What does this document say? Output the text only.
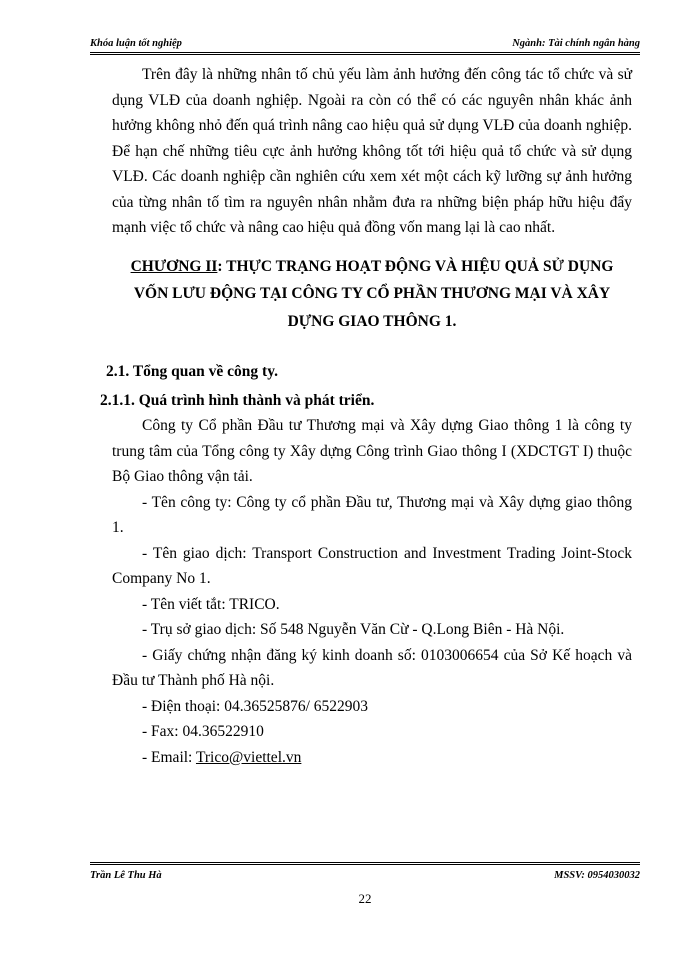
Khóa luận tốt nghiệp	Ngành: Tài chính ngân hàng

Trên đây là những nhân tố chủ yếu làm ảnh hưởng đến công tác tổ chức và sử dụng VLĐ của doanh nghiệp. Ngoài ra còn có thể có các nguyên nhân khác ảnh hưởng không nhỏ đến quá trình nâng cao hiệu quả sử dụng VLĐ của doanh nghiệp. Để hạn chế những tiêu cực ảnh hưởng không tốt tới hiệu quả tổ chức và sử dụng VLĐ. Các doanh nghiệp cần nghiên cứu xem xét một cách kỹ lưỡng sự ảnh hưởng của từng nhân tố tìm ra nguyên nhân nhằm đưa ra những biện pháp hữu hiệu đẩy mạnh việc tổ chức và nâng cao hiệu quả đồng vốn mang lại là cao nhất.

CHƯƠNG II: THỰC TRẠNG HOẠT ĐỘNG VÀ HIỆU QUẢ SỬ DỤNG VỐN LƯU ĐỘNG TẠI CÔNG TY CỔ PHẦN THƯƠNG MẠI VÀ XÂY DỰNG GIAO THÔNG 1.

2.1. Tổng quan về công ty.

2.1.1. Quá trình hình thành và phát triển.

Công ty Cổ phần Đầu tư Thương mại và Xây dựng Giao thông 1 là công ty trung tâm của Tổng công ty Xây dựng Công trình Giao thông I (XDCTGT I) thuộc Bộ Giao thông vận tải.

- Tên công ty: Công ty cổ phần Đầu tư, Thương mại và Xây dựng giao thông 1.

- Tên giao dịch: Transport Construction and Investment Trading Joint-Stock Company No 1.

- Tên viết tắt: TRICO.

- Trụ sở giao dịch: Số 548 Nguyễn Văn Cừ - Q.Long Biên - Hà Nội.

- Giấy chứng nhận đăng ký kinh doanh số: 0103006654 của Sở Kế hoạch và Đầu tư Thành phố Hà nội.

- Điện thoại: 04.36525876/ 6522903

- Fax: 04.36522910

- Email: Trico@viettel.vn

Trần Lê Thu Hà	MSSV: 0954030032
22
